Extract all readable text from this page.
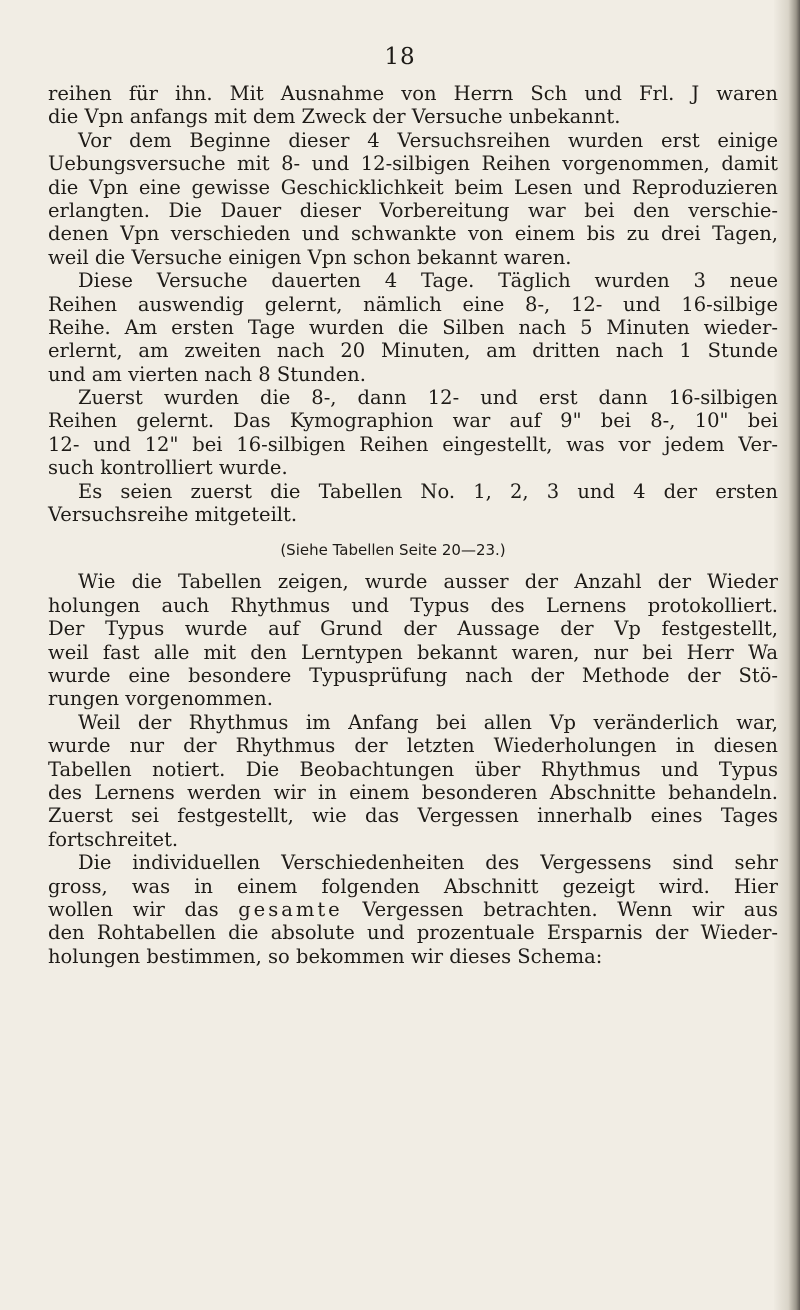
18
reihen für ihn. Mit Ausnahme von Herrn Sch und Frl. J waren
die Vpn anfangs mit dem Zweck der Versuche unbekannt.
Vor dem Beginne dieser 4 Versuchsreihen wurden erst einige
Uebungsversuche mit 8- und 12-silbigen Reihen vorgenommen, damit
die Vpn eine gewisse Geschicklichkeit beim Lesen und Reproduzieren
erlangten. Die Dauer dieser Vorbereitung war bei den verschie-
denen Vpn verschieden und schwankte von einem bis zu drei Tagen,
weil die Versuche einigen Vpn schon bekannt waren.
Diese Versuche dauerten 4 Tage. Täglich wurden 3 neue
Reihen auswendig gelernt, nämlich eine 8-, 12- und 16-silbige
Reihe. Am ersten Tage wurden die Silben nach 5 Minuten wieder-
erlernt, am zweiten nach 20 Minuten, am dritten nach 1 Stunde
und am vierten nach 8 Stunden.
Zuerst wurden die 8-, dann 12- und erst dann 16-silbigen
Reihen gelernt. Das Kymographion war auf 9" bei 8-, 10" bei
12- und 12" bei 16-silbigen Reihen eingestellt, was vor jedem Ver-
such kontrolliert wurde.
Es seien zuerst die Tabellen No. 1, 2, 3 und 4 der ersten
Versuchsreihe mitgeteilt.
(Siehe Tabellen Seite 20—23.)
Wie die Tabellen zeigen, wurde ausser der Anzahl der Wieder
holungen auch Rhythmus und Typus des Lernens protokolliert.
Der Typus wurde auf Grund der Aussage der Vp festgestellt,
weil fast alle mit den Lerntypen bekannt waren, nur bei Herr Wa
wurde eine besondere Typusprüfung nach der Methode der Stö-
rungen vorgenommen.
Weil der Rhythmus im Anfang bei allen Vp veränderlich war,
wurde nur der Rhythmus der letzten Wiederholungen in diesen
Tabellen notiert. Die Beobachtungen über Rhythmus und Typus
des Lernens werden wir in einem besonderen Abschnitte behandeln.
Zuerst sei festgestellt, wie das Vergessen innerhalb eines Tages
fortschreitet.
Die individuellen Verschiedenheiten des Vergessens sind sehr
gross, was in einem folgenden Abschnitt gezeigt wird. Hier
wollen wir das gesamte Vergessen betrachten. Wenn wir aus
den Rohtabellen die absolute und prozentuale Ersparnis der Wieder-
holungen bestimmen, so bekommen wir dieses Schema:
